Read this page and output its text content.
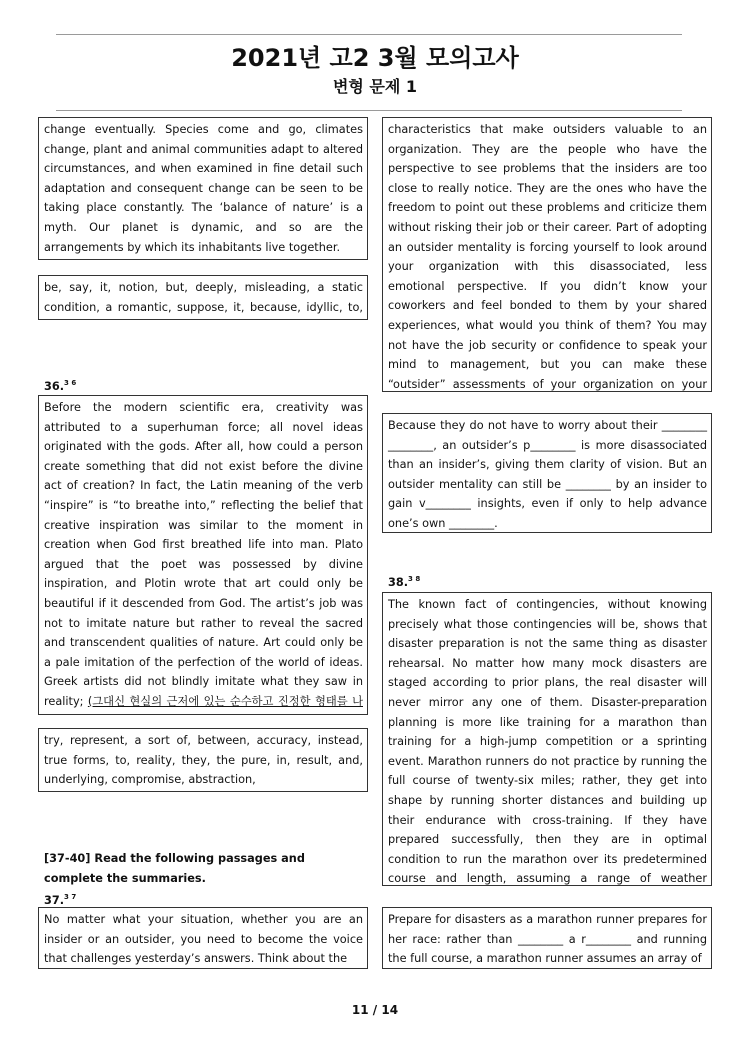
2021년 고2 3월 모의고사
변형 문제 1
change eventually. Species come and go, climates change, plant and animal communities adapt to altered circumstances, and when examined in fine detail such adaptation and consequent change can be seen to be taking place constantly. The ‘balance of nature’ is a myth. Our planet is dynamic, and so are the arrangements by which its inhabitants live together.
be, say, it, notion, but, deeply, misleading, a static condition, a romantic, suppose, it, because, idyllic, to,
36.$^{3 6}$
Before the modern scientific era, creativity was attributed to a superhuman force; all novel ideas originated with the gods. After all, how could a person create something that did not exist before the divine act of creation? In fact, the Latin meaning of the verb “inspire” is “to breathe into,” reflecting the belief that creative inspiration was similar to the moment in creation when God first breathed life into man. Plato argued that the poet was possessed by divine inspiration, and Plotin wrote that art could only be beautiful if it descended from God. The artist’s job was not to imitate nature but rather to reveal the sacred and transcendent qualities of nature. Art could only be a pale imitation of the perfection of the world of ideas. Greek artists did not blindly imitate what they saw in reality; (그대신 현실의 근저에 있는 순수하고 진정한 형태를 나
try, represent, a sort of, between, accuracy, instead, true forms, to, reality, they, the pure, in, result, and, underlying, compromise, abstraction,
[37-40] Read the following passages and complete the summaries.
37.$^{3 7}$
No matter what your situation, whether you are an insider or an outsider, you need to become the voice that challenges yesterday’s answers. Think about the
characteristics that make outsiders valuable to an organization. They are the people who have the perspective to see problems that the insiders are too close to really notice. They are the ones who have the freedom to point out these problems and criticize them without risking their job or their career. Part of adopting an outsider mentality is forcing yourself to look around your organization with this disassociated, less emotional perspective. If you didn’t know your coworkers and feel bonded to them by your shared experiences, what would you think of them? You may not have the job security or confidence to speak your mind to management, but you can make these “outsider” assessments of your organization on your
Because they do not have to worry about their ________ ________, an outsider’s p________ is more disassociated than an insider’s, giving them clarity of vision. But an outsider mentality can still be ________ by an insider to gain v________ insights, even if only to help advance one’s own ________.
38.$^{3 8}$
The known fact of contingencies, without knowing precisely what those contingencies will be, shows that disaster preparation is not the same thing as disaster rehearsal. No matter how many mock disasters are staged according to prior plans, the real disaster will never mirror any one of them. Disaster-preparation planning is more like training for a marathon than training for a high-jump competition or a sprinting event. Marathon runners do not practice by running the full course of twenty-six miles; rather, they get into shape by running shorter distances and building up their endurance with cross-training. If they have prepared successfully, then they are in optimal condition to run the marathon over its predetermined course and length, assuming a range of weather
Prepare for disasters as a marathon runner prepares for her race: rather than ________ a r________ and running the full course, a marathon runner assumes an array of
11 / 14
